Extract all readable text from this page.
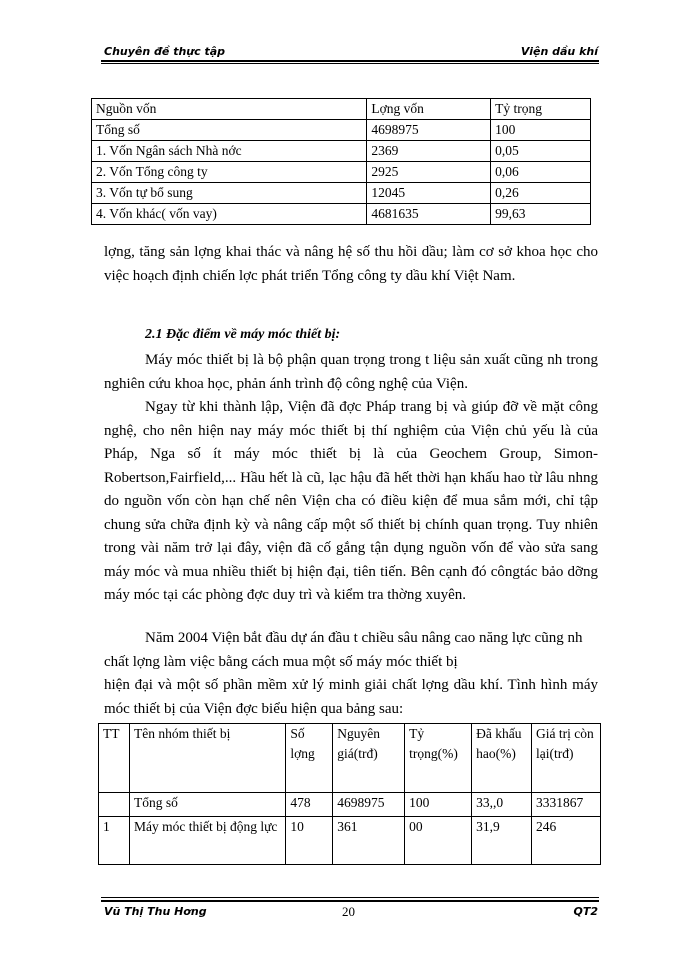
Chuyên đề thực tập	Viện dầu khí
Nguồn vốn	Lợng vốn	Tỷ trọng
Tổng số	4698975	100
1. Vốn Ngân sách Nhà nớc	2369	0,05
2. Vốn Tổng công ty	2925	0,06
3. Vốn tự bổ sung	12045	0,26
4. Vốn khác( vốn vay)	4681635	99,63

lợng, tăng sản lợng khai thác và nâng hệ số thu hồi dầu; làm cơ sở khoa học cho việc hoạch định chiến lợc phát triển Tổng công ty dầu khí Việt Nam.

2.1 Đặc điểm về máy móc thiết bị:

Máy móc thiết bị là bộ phận quan trọng trong t liệu sản xuất cũng nh trong nghiên cứu khoa học, phản ánh trình độ công nghệ của Viện.

Ngay từ khi thành lập, Viện đã đợc Pháp trang bị và giúp đỡ về mặt công nghệ, cho nên hiện nay máy móc thiết bị thí nghiệm của Viện chủ yếu là của Pháp, Nga số ít máy móc thiết bị là của Geochem Group, Simon-Robertson,Fairfield,... Hầu hết là cũ, lạc hậu đã hết thời hạn khấu hao từ lâu nhng do nguồn vốn còn hạn chế nên Viện cha có điều kiện để mua sắm mới, chỉ tập chung sửa chữa định kỳ và nâng cấp một số thiết bị chính quan trọng. Tuy nhiên trong vài năm trở lại đây, viện đã cố gắng tận dụng nguồn vốn để vào sửa sang máy móc và mua nhiều thiết bị hiện đại, tiên tiến. Bên cạnh đó côngtác bảo dỡng máy móc tại các phòng đợc duy trì và kiểm tra thờng xuyên.

Năm 2004 Viện bắt đầu dự án đầu t chiều sâu nâng cao năng lực cũng nh chất lợng làm việc bằng cách mua một số máy móc thiết bị

hiện đại và một số phần mềm xử lý minh giải chất lợng dầu khí. Tình hình máy móc thiết bị của Viện đợc biểu hiện qua bảng sau:

TT	Tên nhóm thiết bị	Số lợng	Nguyên giá(trđ)	Tỷ trọng(%)	Đã khấu hao(%)	Giá trị còn lại(trđ)
	Tổng số	478	4698975	100	33,,0	3331867
1	Máy móc thiết bị động lực	10	361	00	31,9	246
Vũ Thị Thu Hơng	20	QT2
